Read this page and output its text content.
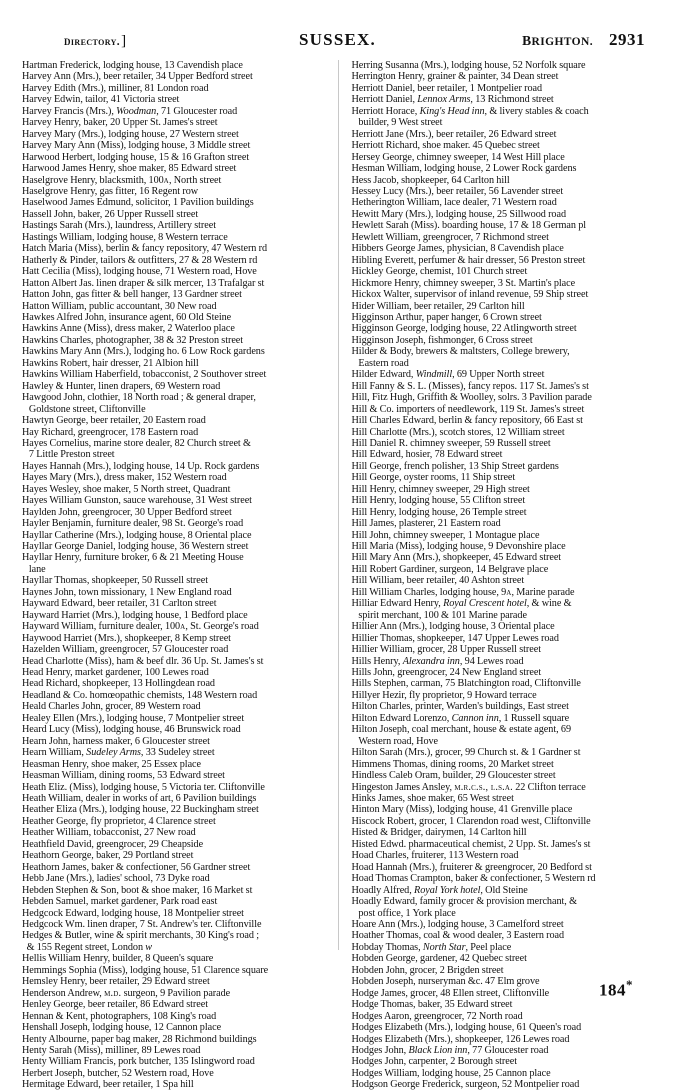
directory.]	SUSSEX.	BRIGHTON. 2931
Hartman Frederick, lodging house, 13 Cavendish place
Harvey Ann (Mrs.), beer retailer, 34 Upper Bedford street
Harvey Edith (Mrs.), milliner, 81 London road
Harvey Edwin, tailor, 41 Victoria street
Harvey Francis (Mrs.), Woodman, 71 Gloucester road
Harvey Henry, baker, 20 Upper St. James's street
Harvey Mary (Mrs.), lodging house, 27 Western street
Harvey Mary Ann (Miss), lodging house, 3 Middle street
Harwood Herbert, lodging house, 15 & 16 Grafton street
Harwood James Henry, shoe maker, 85 Edward street
Haselgrove Henry, blacksmith, 100a, North street
Haselgrove Henry, gas fitter, 16 Regent row
Haselwood James Edmund, solicitor, 1 Pavilion buildings
Hassell John, baker, 26 Upper Russell street
Hastings Sarah (Mrs.), laundress, Artillery street
Hastings William, lodging house, 8 Western terrace
Hatch Maria (Miss), berlin & fancy repository, 47 Western rd
Hatherly & Pinder, tailors & outfitters, 27 & 28 Western rd
Hatt Cecilia (Miss), lodging house, 71 Western road, Hove
Hatton Albert Jas. linen draper & silk mercer, 13 Trafalgar st
Hatton John, gas fitter & bell hanger, 13 Gardner street
Hatton William, public accountant, 30 New road
Hawkes Alfred John, insurance agent, 60 Old Steine
Hawkins Anne (Miss), dress maker, 2 Waterloo place
Hawkins Charles, photographer, 38 & 32 Preston street
Hawkins Mary Ann (Mrs.), lodging ho. 6 Low Rock gardens
Hawkins Robert, hair dresser, 21 Albion hill
Hawkins William Haberfield, tobacconist, 2 Southover street
Hawley & Hunter, linen drapers, 69 Western road
Hawgood John, clothier, 18 North road ; & general draper,
Goldstone street, Cliftonville
Hawtyn George, beer retailer, 20 Eastern road
Hay Richard, greengrocer, 178 Eastern road
Hayes Cornelius, marine store dealer, 82 Church street &
7 Little Preston street
Hayes Hannah (Mrs.), lodging house, 14 Up. Rock gardens
Hayes Mary (Mrs.), dress maker, 152 Western road
Hayes Wesley, shoe maker, 5 North street, Quadrant
Hayes William Gunston, sauce warehouse, 31 West street
Haylden John, greengrocer, 30 Upper Bedford street
Hayler Benjamin, furniture dealer, 98 St. George's road
Hayllar Catherine (Mrs.), lodging house, 8 Oriental place
Hayllar George Daniel, lodging house, 36 Western street
Hayllar Henry, furniture broker, 6 & 21 Meeting House
lane
Hayllar Thomas, shopkeeper, 50 Russell street
Haynes John, town missionary, 1 New England road
Hayward Edward, beer retailer, 31 Carlton street
Hayward Harriet (Mrs.), lodging house, 1 Bedford place
Hayward William, furniture dealer, 100a, St. George's road
Haywood Harriet (Mrs.), shopkeeper, 8 Kemp street
Hazelden William, greengrocer, 57 Gloucester road
Head Charlotte (Miss), ham & beef dlr. 36 Up. St. James's st
Head Henry, market gardener, 100 Lewes road
Head Richard, shopkeeper, 13 Hollingdean road
Headland & Co. homœopathic chemists, 148 Western road
Heald Charles John, grocer, 89 Western road
Healey Ellen (Mrs.), lodging house, 7 Montpelier street
Heard Lucy (Miss), lodging house, 46 Brunswick road
Hearn John, harness maker, 6 Gloucester street
Hearn William, Sudeley Arms, 33 Sudeley street
Heasman Henry, shoe maker, 25 Essex place
Heasman William, dining rooms, 53 Edward street
Heath Eliz. (Miss), lodging house, 5 Victoria ter. Cliftonville
Heath William, dealer in works of art, 6 Pavilion buildings
Heather Eliza (Mrs.), lodging house, 22 Buckingham street
Heather George, fly proprietor, 4 Clarence street
Heather William, tobacconist, 27 New road
Heathfield David, greengrocer, 29 Cheapside
Heathorn George, baker, 29 Portland street
Heathorn James, baker & confectioner, 56 Gardner street
Hebb Jane (Mrs.), ladies' school, 73 Dyke road
Hebden Stephen & Son, boot & shoe maker, 16 Market st
Hebden Samuel, market gardener, Park road east
Hedgcock Edward, lodging house, 18 Montpelier street
Hedgcock Wm. linen draper, 7 St. Andrew's ter. Cliftonville
Hedges & Butler, wine & spirit merchants, 30 King's road ;
& 155 Regent street, London w
Hellis William Henry, builder, 8 Queen's square
Hemmings Sophia (Miss), lodging house, 51 Clarence square
Hemsley Henry, beer retailer, 29 Edward street
Henderson Andrew, m.d. surgeon, 9 Pavilion parade
Henley George, beer retailer, 86 Edward street
Hennan & Kent, photographers, 108 King's road
Henshall Joseph, lodging house, 12 Cannon place
Henty Albourne, paper bag maker, 28 Richmond buildings
Henty Sarah (Miss), milliner, 89 Lewes road
Henty William Francis, pork butcher, 135 Islingword road
Herbert Joseph, butcher, 52 Western road, Hove
Hermitage Edward, beer retailer, 1 Spa hill
Herring Susanna (Mrs.), lodging house, 52 Norfolk square
Herrington Henry, grainer & painter, 34 Dean street
Herriott Daniel, beer retailer, 1 Montpelier road
Herriott Daniel, Lennox Arms, 13 Richmond street
Herriott Horace, King's Head inn, & livery stables & coach
builder, 9 West street
Herriott Jane (Mrs.), beer retailer, 26 Edward street
Herriott Richard, shoe maker. 45 Quebec street
Hersey George, chimney sweeper, 14 West Hill place
Hesman William, lodging house, 2 Lower Rock gardens
Hess Jacob, shopkeeper, 64 Carlton hill
Hessey Lucy (Mrs.), beer retailer, 56 Lavender street
Hetherington William, lace dealer, 71 Western road
Hewitt Mary (Mrs.), lodging house, 25 Sillwood road
Hewlett Sarah (Miss). boarding house, 17 & 18 German pl
Hewlett William, greengrocer, 7 Richmond street
Hibbers George James, physician, 8 Cavendish place
Hibling Everett, perfumer & hair dresser, 56 Preston street
Hickley George, chemist, 101 Church street
Hickmore Henry, chimney sweeper, 3 St. Martin's place
Hickox Walter, supervisor of inland revenue, 59 Ship street
Hider William, beer retailer, 29 Carlton hill
Higginson Arthur, paper hanger, 6 Crown street
Higginson George, lodging house, 22 Atlingworth street
Higginson Joseph, fishmonger, 6 Cross street
Hilder & Body, brewers & maltsters, College brewery,
Eastern road
Hilder Edward, Windmill, 69 Upper North street
Hill Fanny & S. L. (Misses), fancy repos. 117 St. James's st
Hill, Fitz Hugh, Griffith & Woolley, solrs. 3 Pavilion parade
Hill & Co. importers of needlework, 119 St. James's street
Hill Charles Edward, berlin & fancy repository, 66 East st
Hill Charlotte (Mrs.), scotch stores, 12 William street
Hill Daniel R. chimney sweeper, 59 Russell street
Hill Edward, hosier, 78 Edward street
Hill George, french polisher, 13 Ship Street gardens
Hill George, oyster rooms, 11 Ship street
Hill Henry, chimney sweeper, 29 High street
Hill Henry, lodging house, 55 Clifton street
Hill Henry, lodging house, 26 Temple street
Hill James, plasterer, 21 Eastern road
Hill John, chimney sweeper, 1 Montague place
Hill Maria (Miss), lodging house, 9 Devonshire place
Hill Mary Ann (Mrs.), shopkeeper, 45 Edward street
Hill Robert Gardiner, surgeon, 14 Belgrave place
Hill William, beer retailer, 40 Ashton street
Hill William Charles, lodging house, 9a, Marine parade
Hilliar Edward Henry, Royal Crescent hotel, & wine &
spirit merchant, 100 & 101 Marine parade
Hillier Ann (Mrs.), lodging house, 3 Oriental place
Hillier Thomas, shopkeeper, 147 Upper Lewes road
Hillier William, grocer, 28 Upper Russell street
Hills Henry, Alexandra inn, 94 Lewes road
Hills John, greengrocer, 24 New England street
Hills Stephen, carman, 75 Blatchington road, Cliftonville
Hillyer Hezir, fly proprietor, 9 Howard terrace
Hilton Charles, printer, Warden's buildings, East street
Hilton Edward Lorenzo, Cannon inn, 1 Russell square
Hilton Joseph, coal merchant, house & estate agent, 69
Western road, Hove
Hilton Sarah (Mrs.), grocer, 99 Church st. & 1 Gardner st
Himmens Thomas, dining rooms, 20 Market street
Hindless Caleb Oram, builder, 29 Gloucester street
Hingeston James Ansley, m.r.c.s., l.s.a. 22 Clifton terrace
Hinks James, shoe maker, 65 West street
Hinton Mary (Miss), lodging house, 41 Grenville place
Hiscock Robert, grocer, 1 Clarendon road west, Cliftonville
Histed & Bridger, dairymen, 14 Carlton hill
Histed Edwd. pharmaceutical chemist, 2 Upp. St. James's st
Hoad Charles, fruiterer, 113 Western road
Hoad Hannah (Mrs.), fruiterer & greengrocer, 20 Bedford st
Hoad Thomas Crampton, baker & confectioner, 5 Western rd
Hoadly Alfred, Royal York hotel, Old Steine
Hoadly Edward, family grocer & provision merchant, &
post office, 1 York place
Hoare Ann (Mrs.), lodging house, 3 Camelford street
Hoather Thomas, coal & wood dealer, 3 Eastern road
Hobday Thomas, North Star, Peel place
Hobden George, gardener, 42 Quebec street
Hobden John, grocer, 2 Brigden street
Hobden Joseph, nurseryman &c. 47 Elm grove
Hodge James, grocer, 48 Ellen street, Cliftonville
Hodge Thomas, baker, 35 Edward street
Hodges Aaron, greengrocer, 72 North road
Hodges Elizabeth (Mrs.), lodging house, 61 Queen's road
Hodges Elizabeth (Mrs.), shopkeeper, 126 Lewes road
Hodges John, Black Lion inn, 77 Gloucester road
Hodges John, carpenter, 2 Borough street
Hodges William, lodging house, 25 Cannon place
Hodgson George Frederick, surgeon, 52 Montpelier road
184*
